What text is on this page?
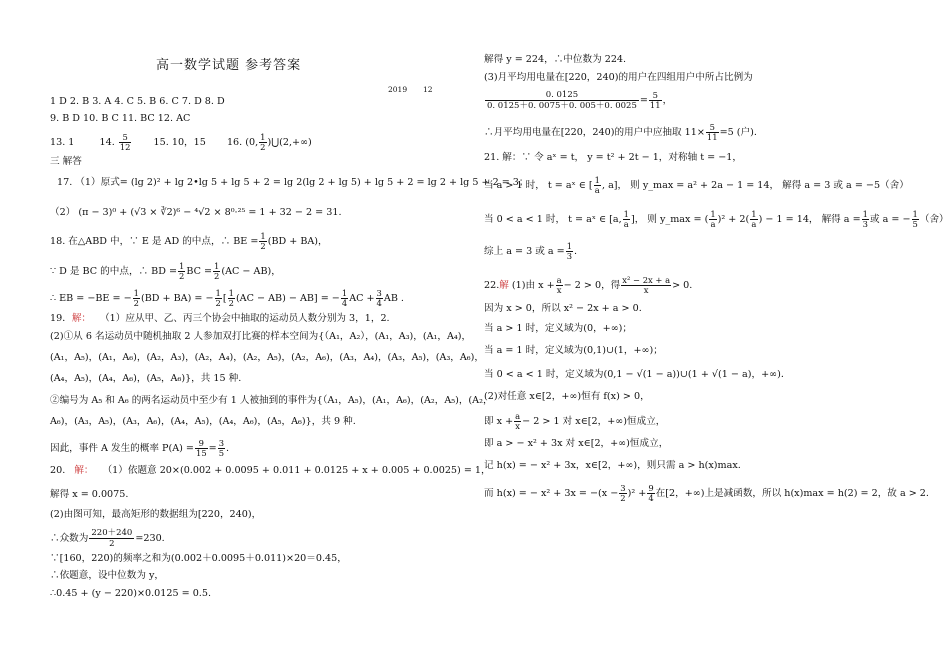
高一数学试题 参考答案
2019 12
1 D 2. B 3. A 4. C 5. B 6. C 7. D 8. D
9. B D 10. B C 11. BC 12. AC
13. 1	14. $\frac{5}{12} 15$. 10，15 16. (0, $\frac{1}{2}$ )⋃(2,+∞)
三 解答
17. （1）原式= (lg 2)² + lg 2•lg 5 + lg 5 + 2 = lg 2(lg 2 + lg 5) + lg 5 + 2 = lg 2 + lg 5 + 2 = 3；
（2） (π − 3)⁰ + (√3 × ∛2)⁶ − ⁴√2 × 8⁰·²⁵ = 1 + 32 − 2 = 31.
18. 在△ABD 中，∵ E 是 AD 的中点，∴ BE = $\frac{1}{2} (BD + BA)$，
∵ D 是 BC 的中点，∴ BD = $\frac{1}{2}$ BC = $\frac{1}{2} (AC - AB)$，
∴ EB = −BE = − $\frac{1}{2} (BD + BA)$ = − $\frac{1}{2}$ [ $\frac{1}{2} (AC - AB) - AB$] = − $\frac{1}{4}$ AC + $\frac{3}{4}$ AB .
19．解： （1）应从甲、乙、丙三个协会中抽取的运动员人数分别为 3，1，2.
(2)①从 6 名运动员中随机抽取 2 人参加双打比赛的样本空间为{（A₁，A₂），(A₁，A₃)，(A₁，A₄)，
(A₁，A₅)，(A₁，A₆)，(A₂，A₃)，(A₂，A₄)，(A₂，A₅)，(A₂，A₆)，(A₃，A₄)，(A₃，A₅)，(A₃，A₆)，
(A₄，A₅)，(A₄，A₆)，(A₅，A₆)}，共 15 种.
②编号为 A₅ 和 A₆ 的两名运动员中至少有 1 人被抽到的事件为{（A₁，A₅)，(A₁，A₆)，(A₂，A₅)，(A₂，
A₆)，(A₃，A₅)，(A₃，A₆)，(A₄，A₅)，(A₄，A₆)，(A₅，A₆)}，共 9 种.
因此，事件 A 发生的概率 $P(A) = \frac{9}{15} = \frac{3}{5}$ .
20. 解： （1）依题意 20×(0.002 + 0.0095 + 0.011 + 0.0125 + x + 0.005 + 0.0025) = 1，
解得 x = 0.0075.
(2)由图可知，最高矩形的数据组为[220，240)，
∴众数为 $\frac{220+240}{2} =230$.
∵[160，220)的频率之和为(0.002＋0.0095＋0.011)×20＝0.45，
∴依题意，设中位数为 y，
∴0.45 + (y − 220)×0.0125 = 0.5.
解得 y = 224，∴中位数为 224.
(3)月平均用电量在[220，240)的用户在四组用户中所占比例为
$\frac{0. 0125}{0. 0125+0. 0075+0. 005+0. 0025} = \frac{5}{11}$ ，
∴月平均用电量在[220，240)的用户中应抽取 $11\times \frac{5}{11} =5$ (户).
21. 解：∵ 令 aˣ = t， y = t² + 2t − 1，对称轴 t = −1，
当 a > 1 时， t = aˣ ∈ [ $\frac{1}{a}$ , a]， 则 y_max = a² + 2a − 1 = 14， 解得 a = 3 或 a = −5（舍）
当 0 < a < 1 时， t = aˣ ∈ [a, $\frac{1}{a}$ ]， 则 y_max = ( $\frac{1}{a} )^2 + 2( \frac{1}{a}$ ) − 1 = 14， 解得 $a = \frac{1}{3}$ 或 a = − $\frac{1}{5}$ （舍）
综上 a = 3 或 $a = \frac{1}{3}$ .
22.解 (1)由 $x + \frac{a}{x} - 2 > 0$，得 $\frac{\text{x² − 2x + a}}{x} > 0$.
因为 x > 0，所以 x² − 2x + a > 0.
当 a > 1 时，定义域为(0，+∞)；
当 a = 1 时，定义域为(0,1)∪(1，+∞)；
当 0 < a < 1 时，定义域为(0,1 − √(1 − a))∪(1 + √(1 − a)，+∞)．
(2)对任意 x∈[2，+∞)恒有 f(x) > 0，
即 $x + \frac{a}{x} - 2 > 1$ 对 x∈[2，+∞)恒成立，
即 a > − x² + 3x 对 x∈[2，+∞)恒成立，
记 h(x) = − x² + 3x，x∈[2，+∞)，则只需 a > h(x)max.
而 h(x) = − $x^2 + 3x = -(x - \frac{3}{2} )^2 + \frac{9}{4}$ 在[2，+∞)上是减函数，所以 h(x)max = h(2) = 2，故 a > 2.
